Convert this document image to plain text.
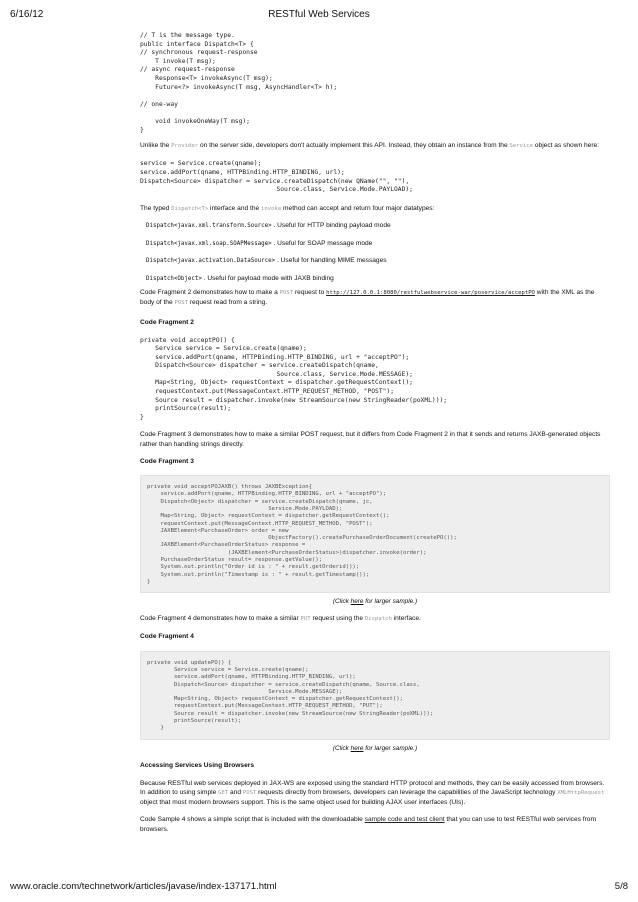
6/16/12	RESTful Web Services
// T is the message type.
public interface Dispatch<T> {
// synchronous request-response
T invoke(T msg);
// async request-response
Response<T> invokeAsync(T msg);
Future<?> invokeAsync(T msg, AsyncHandler<T> h);

// one-way

void invokeOneWay(T msg);
}

Unlike the Provider on the server side, developers don't actually implement this API. Instead, they obtain an instance from the Service object as shown here:

service = Service.create(qname);
service.addPort(qname, HTTPBinding.HTTP_BINDING, url);
Dispatch<Source> dispatcher = service.createDispatch(new QName("", ""),
Source.class, Service.Mode.PAYLOAD);

The typed Dispatch<T> interface and the invoke method can accept and return four major datatypes:

Dispatch<javax.xml.transform.Source> . Useful for HTTP binding payload mode

Dispatch<javax.xml.soap.SOAPMessage> . Useful for SOAP message mode

Dispatch<javax.activation.DataSource> . Useful for handling MIME messages

Dispatch<Object> . Useful for payload mode with JAXB binding

Code Fragment 2 demonstrates how to make a POST request to http://127.0.0.1:8080/restfulwebservice-war/poservice/acceptPO with the XML as the body of the POST request read from a string.

Code Fragment 2

private void acceptPO() {
Service service = Service.create(qname);
service.addPort(qname, HTTPBinding.HTTP_BINDING, url + "acceptPO");
Dispatch<Source> dispatcher = service.createDispatch(qname,
Source.class, Service.Mode.MESSAGE);
Map<String, Object> requestContext = dispatcher.getRequestContext();
requestContext.put(MessageContext.HTTP_REQUEST_METHOD, "POST");
Source result = dispatcher.invoke(new StreamSource(new StringReader(poXML)));
printSource(result);
}

Code Fragment 3 demonstrates how to make a similar POST request, but it differs from Code Fragment 2 in that it sends and returns JAXB-generated objects rather than handling strings directly.

Code Fragment 3

private void acceptPOJAXB() throws JAXBException{
service.addPort(qname, HTTPBinding.HTTP_BINDING, url + "acceptPO");
Dispatch<Object> dispatcher = service.createDispatch(qname, jc,
Service.Mode.PAYLOAD);
Map<String, Object> requestContext = dispatcher.getRequestContext();
requestContext.put(MessageContext.HTTP_REQUEST_METHOD, "POST");
JAXBElement<PurchaseOrder> order = new
ObjectFactory().createPurchaseOrderDocument(createPO());
JAXBElement<PurchaseOrderStatus> response =
(JAXBElement<PurchaseOrderStatus>)dispatcher.invoke(order);
PurchaseOrderStatus result= response.getValue();
System.out.println("Order id is : " + result.getOrderid());
System.out.println("Timestamp is : " + result.getTimestamp());
}

(Click here for larger sample.)

Code Fragment 4 demonstrates how to make a similar PUT request using the Dispatch interface.

Code Fragment 4

private void updatePO() {
Service service = Service.create(qname);
service.addPort(qname, HTTPBinding.HTTP_BINDING, url);
Dispatch<Source> dispatcher = service.createDispatch(qname, Source.class,
Service.Mode.MESSAGE);
Map<String, Object> requestContext = dispatcher.getRequestContext();
requestContext.put(MessageContext.HTTP_REQUEST_METHOD, "PUT");
Source result = dispatcher.invoke(new StreamSource(new StringReader(poXML)));
printSource(result);
}

(Click here for larger sample.)

Accessing Services Using Browsers

Because RESTful web services deployed in JAX-WS are exposed using the standard HTTP protocol and methods, they can be easily accessed from browsers. In addition to using simple GET and POST requests directly from browsers, developers can leverage the capabilities of the JavaScript technology XMLHttpRequest object that most modern browsers support. This is the same object used for building AJAX user interfaces (UIs).

Code Sample 4 shows a simple script that is included with the downloadable sample code and test client that you can use to test RESTful web services from browsers.

www.oracle.com/technetwork/articles/javase/index-137171.html	5/8
